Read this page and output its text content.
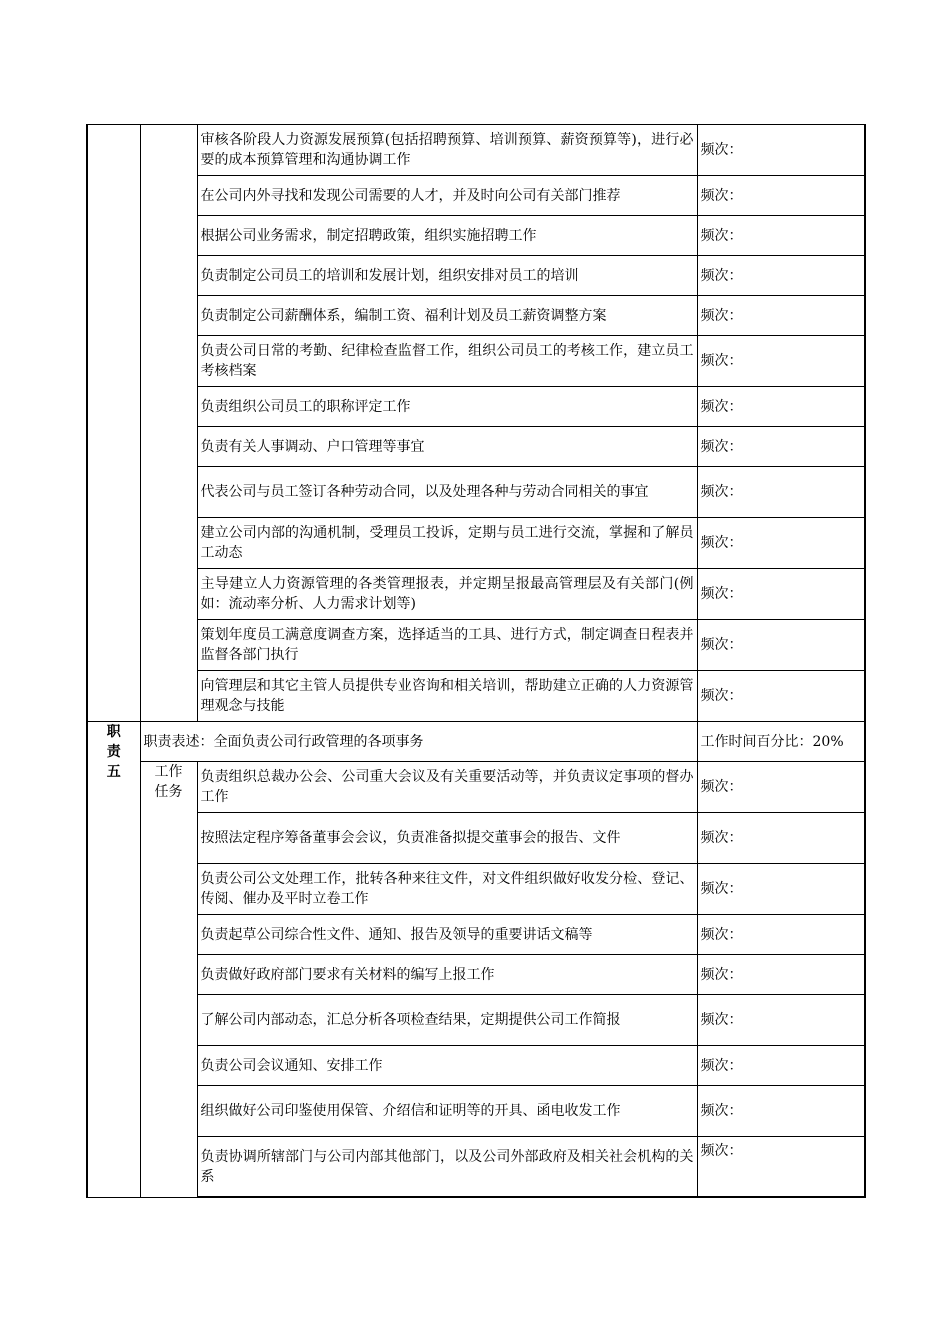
		审核各阶段人力资源发展预算(包括招聘预算、培训预算、薪资预算等)，进行必要的成本预算管理和沟通协调工作	频次：
		在公司内外寻找和发现公司需要的人才，并及时向公司有关部门推荐	频次：
		根据公司业务需求，制定招聘政策，组织实施招聘工作	频次：
		负责制定公司员工的培训和发展计划，组织安排对员工的培训	频次：
		负责制定公司薪酬体系，编制工资、福利计划及员工薪资调整方案	频次：
		负责公司日常的考勤、纪律检查监督工作，组织公司员工的考核工作，建立员工考核档案	频次：
		负责组织公司员工的职称评定工作	频次：
		负责有关人事调动、户口管理等事宜	频次：
		代表公司与员工签订各种劳动合同，以及处理各种与劳动合同相关的事宜	频次：
		建立公司内部的沟通机制，受理员工投诉，定期与员工进行交流，掌握和了解员工动态	频次：
		主导建立人力资源管理的各类管理报表，并定期呈报最高管理层及有关部门(例如：流动率分析、人力需求计划等)	频次：
		策划年度员工满意度调查方案，选择适当的工具、进行方式，制定调查日程表并监督各部门执行	频次：
		向管理层和其它主管人员提供专业咨询和相关培训，帮助建立正确的人力资源管理观念与技能	频次：

职责五	职责表述：全面负责公司行政管理的各项事务		工作时间百分比：20%

	工作任务	负责组织总裁办公会、公司重大会议及有关重要活动等，并负责议定事项的督办工作	频次：
		按照法定程序筹备董事会会议，负责准备拟提交董事会的报告、文件	频次：
		负责公司公文处理工作，批转各种来往文件，对文件组织做好收发分检、登记、传阅、催办及平时立卷工作	频次：
		负责起草公司综合性文件、通知、报告及领导的重要讲话文稿等	频次：
		负责做好政府部门要求有关材料的编写上报工作	频次：
		了解公司内部动态，汇总分析各项检查结果，定期提供公司工作简报	频次：
		负责公司会议通知、安排工作	频次：
		组织做好公司印鉴使用保管、介绍信和证明等的开具、函电收发工作	频次：
		负责协调所辖部门与公司内部其他部门，以及公司外部政府及相关社会机构的关系	频次：
